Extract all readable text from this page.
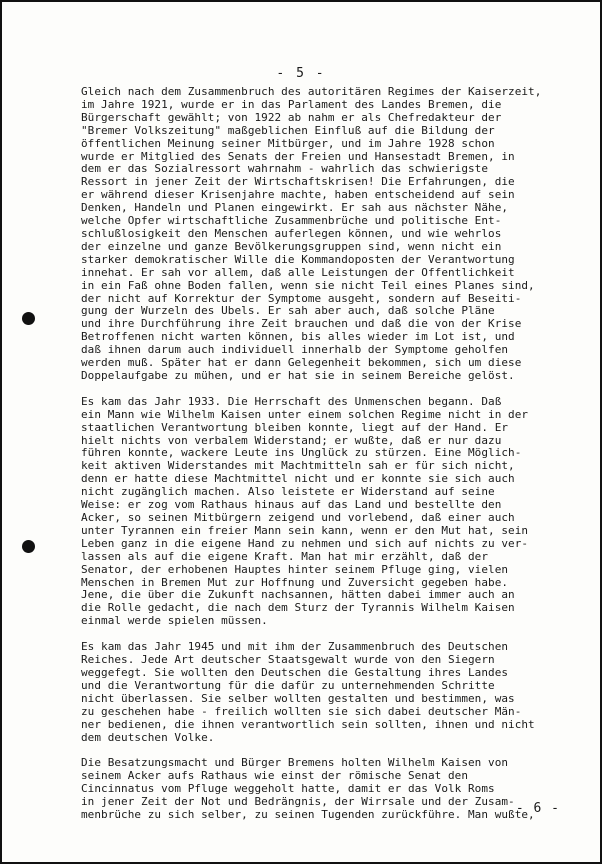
- 5 -
Gleich nach dem Zusammenbruch des autoritären Regimes der Kaiserzeit,
im Jahre 1921, wurde er in das Parlament des Landes Bremen, die
Bürgerschaft gewählt; von 1922 ab nahm er als Chefredakteur der
"Bremer Volkszeitung" maßgeblichen Einfluß auf die Bildung der
öffentlichen Meinung seiner Mitbürger, und im Jahre 1928 schon
wurde er Mitglied des Senats der Freien und Hansestadt Bremen, in
dem er das Sozialressort wahrnahm - wahrlich das schwierigste
Ressort in jener Zeit der Wirtschaftskrisen! Die Erfahrungen, die
er während dieser Krisenjahre machte, haben entscheidend auf sein
Denken, Handeln und Planen eingewirkt. Er sah aus nächster Nähe,
welche Opfer wirtschaftliche Zusammenbrüche und politische Ent-
schlußlosigkeit den Menschen auferlegen können, und wie wehrlos
der einzelne und ganze Bevölkerungsgruppen sind, wenn nicht ein
starker demokratischer Wille die Kommandoposten der Verantwortung
innehat. Er sah vor allem, daß alle Leistungen der Öffentlichkeit
in ein Faß ohne Boden fallen, wenn sie nicht Teil eines Planes sind,
der nicht auf Korrektur der Symptome ausgeht, sondern auf Beseiti-
gung der Wurzeln des Übels. Er sah aber auch, daß solche Pläne
und ihre Durchführung ihre Zeit brauchen und daß die von der Krise
Betroffenen nicht warten können, bis alles wieder im Lot ist, und
daß ihnen darum auch individuell innerhalb der Symptome geholfen
werden muß. Später hat er dann Gelegenheit bekommen, sich um diese
Doppelaufgabe zu mühen, und er hat sie in seinem Bereiche gelöst.
Es kam das Jahr 1933. Die Herrschaft des Unmenschen begann. Daß
ein Mann wie Wilhelm Kaisen unter einem solchen Regime nicht in der
staatlichen Verantwortung bleiben konnte, liegt auf der Hand. Er
hielt nichts von verbalem Widerstand; er wußte, daß er nur dazu
führen konnte, wackere Leute ins Unglück zu stürzen. Eine Möglich-
keit aktiven Widerstandes mit Machtmitteln sah er für sich nicht,
denn er hatte diese Machtmittel nicht und er konnte sie sich auch
nicht zugänglich machen. Also leistete er Widerstand auf seine
Weise: er zog vom Rathaus hinaus auf das Land und bestellte den
Acker, so seinen Mitbürgern zeigend und vorlebend, daß einer auch
unter Tyrannen ein freier Mann sein kann, wenn er den Mut hat, sein
Leben ganz in die eigene Hand zu nehmen und sich auf nichts zu ver-
lassen als auf die eigene Kraft. Man hat mir erzählt, daß der
Senator, der erhobenen Hauptes hinter seinem Pfluge ging, vielen
Menschen in Bremen Mut zur Hoffnung und Zuversicht gegeben habe.
Jene, die über die Zukunft nachsannen, hätten dabei immer auch an
die Rolle gedacht, die nach dem Sturz der Tyrannis Wilhelm Kaisen
einmal werde spielen müssen.
Es kam das Jahr 1945 und mit ihm der Zusammenbruch des Deutschen
Reiches. Jede Art deutscher Staatsgewalt wurde von den Siegern
weggefegt. Sie wollten den Deutschen die Gestaltung ihres Landes
und die Verantwortung für die dafür zu unternehmenden Schritte
nicht überlassen. Sie selber wollten gestalten und bestimmen, was
zu geschehen habe - freilich wollten sie sich dabei deutscher Män-
ner bedienen, die ihnen verantwortlich sein sollten, ihnen und nicht
dem deutschen Volke.
Die Besatzungsmacht und Bürger Bremens holten Wilhelm Kaisen von
seinem Acker aufs Rathaus wie einst der römische Senat den
Cincinnatus vom Pfluge weggeholt hatte, damit er das Volk Roms
in jener Zeit der Not und Bedrängnis, der Wirrsale und der Zusam-
menbrüche zu sich selber, zu seinen Tugenden zurückführe. Man wußte,
- 6 -
